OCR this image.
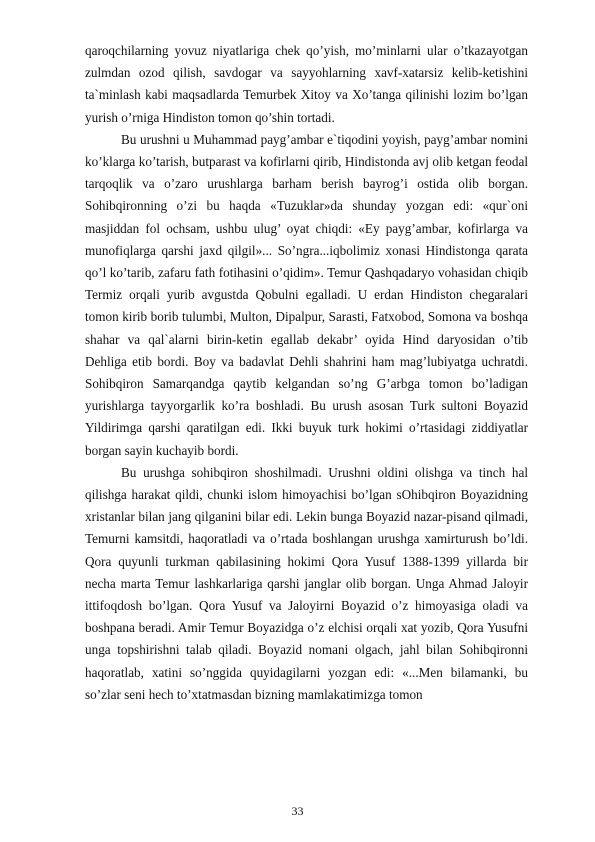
qaroqchilarning yovuz niyatlariga chek qo’yish, mo’minlarni ular o’tkazayotgan zulmdan ozod qilish, savdogar va sayyohlarning xavf-xatarsiz kelib-ketishini ta`minlash kabi maqsadlarda Temurbek Xitoy va Xo’tanga qilinishi lozim bo’lgan yurish o’rniga Hindiston tomon qo’shin tortadi.

Bu urushni u Muhammad payg’ambar e`tiqodini yoyish, payg’ambar nomini ko’klarga ko’tarish, butparast va kofirlarni qirib, Hindistonda avj olib ketgan feodal tarqoqlik va o’zaro urushlarga barham berish bayrog’i ostida olib borgan. Sohibqironning o’zi bu haqda «Tuzuklar»da shunday yozgan edi: «qur`oni masjiddan fol ochsam, ushbu ulug’ oyat chiqdi: «Ey payg’ambar, kofirlarga va munofiqlarga qarshi jaxd qilgil»... So’ngra...iqbolimiz xonasi Hindistonga qarata qo’l ko’tarib, zafaru fath fotihasini o’qidim». Temur Qashqadaryo vohasidan chiqib Termiz orqali yurib avgustda Qobulni egalladi. U erdan Hindiston chegaralari tomon kirib borib tulumbi, Multon, Dipalpur, Sarasti, Fatxobod, Somona va boshqa shahar va qal`alarni birin-ketin egallab dekabr’ oyida Hind daryosidan o’tib Dehliga etib bordi. Boy va badavlat Dehli shahrini ham mag’lubiyatga uchratdi. Sohibqiron Samarqandga qaytib kelgandan so’ng G’arbga tomon bo’ladigan yurishlarga tayyorgarlik ko’ra boshladi. Bu urush asosan Turk sultoni Boyazid Yildirimga qarshi qaratilgan edi. Ikki buyuk turk hokimi o’rtasidagi ziddiyatlar borgan sayin kuchayib bordi.

Bu urushga sohibqiron shoshilmadi. Urushni oldini olishga va tinch hal qilishga harakat qildi, chunki islom himoyachisi bo’lgan sOhibqiron Boyazidning xristanlar bilan jang qilganini bilar edi. Lekin bunga Boyazid nazar-pisand qilmadi, Temurni kamsitdi, haqoratladi va o’rtada boshlangan urushga xamirturush bo’ldi. Qora quyunli turkman qabilasining hokimi Qora Yusuf 1388-1399 yillarda bir necha marta Temur lashkarlariga qarshi janglar olib borgan. Unga Ahmad Jaloyir ittifoqdosh bo’lgan. Qora Yusuf va Jaloyirni Boyazid o’z himoyasiga oladi va boshpana beradi. Amir Temur Boyazidga o’z elchisi orqali xat yozib, Qora Yusufni unga topshirishni talab qiladi. Boyazid nomani olgach, jahl bilan Sohibqironni haqoratlab, xatini so’nggida quyidagilarni yozgan edi: «...Men bilamanki, bu so’zlar seni hech to’xtatmasdan bizning mamlakatimizga tomon

33
